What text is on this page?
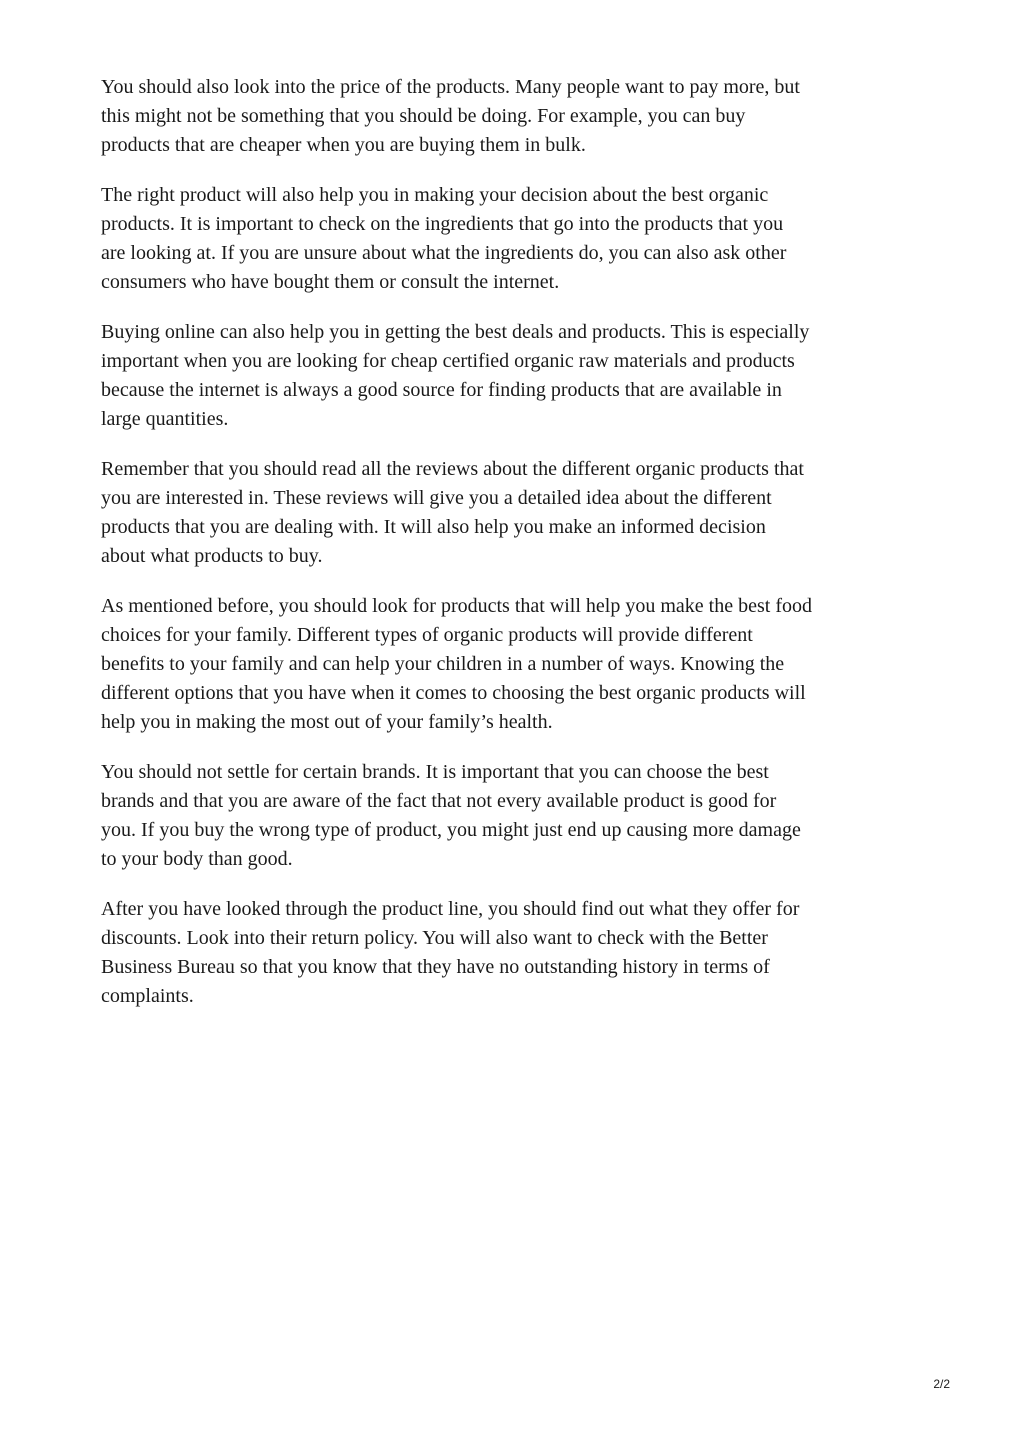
You should also look into the price of the products. Many people want to pay more, but
this might not be something that you should be doing. For example, you can buy
products that are cheaper when you are buying them in bulk.

The right product will also help you in making your decision about the best organic
products. It is important to check on the ingredients that go into the products that you
are looking at. If you are unsure about what the ingredients do, you can also ask other
consumers who have bought them or consult the internet.

Buying online can also help you in getting the best deals and products. This is especially
important when you are looking for cheap certified organic raw materials and products
because the internet is always a good source for finding products that are available in
large quantities.

Remember that you should read all the reviews about the different organic products that
you are interested in. These reviews will give you a detailed idea about the different
products that you are dealing with. It will also help you make an informed decision
about what products to buy.

As mentioned before, you should look for products that will help you make the best food
choices for your family. Different types of organic products will provide different
benefits to your family and can help your children in a number of ways. Knowing the
different options that you have when it comes to choosing the best organic products will
help you in making the most out of your family’s health.

You should not settle for certain brands. It is important that you can choose the best
brands and that you are aware of the fact that not every available product is good for
you. If you buy the wrong type of product, you might just end up causing more damage
to your body than good.

After you have looked through the product line, you should find out what they offer for
discounts. Look into their return policy. You will also want to check with the Better
Business Bureau so that you know that they have no outstanding history in terms of
complaints.

2/2
